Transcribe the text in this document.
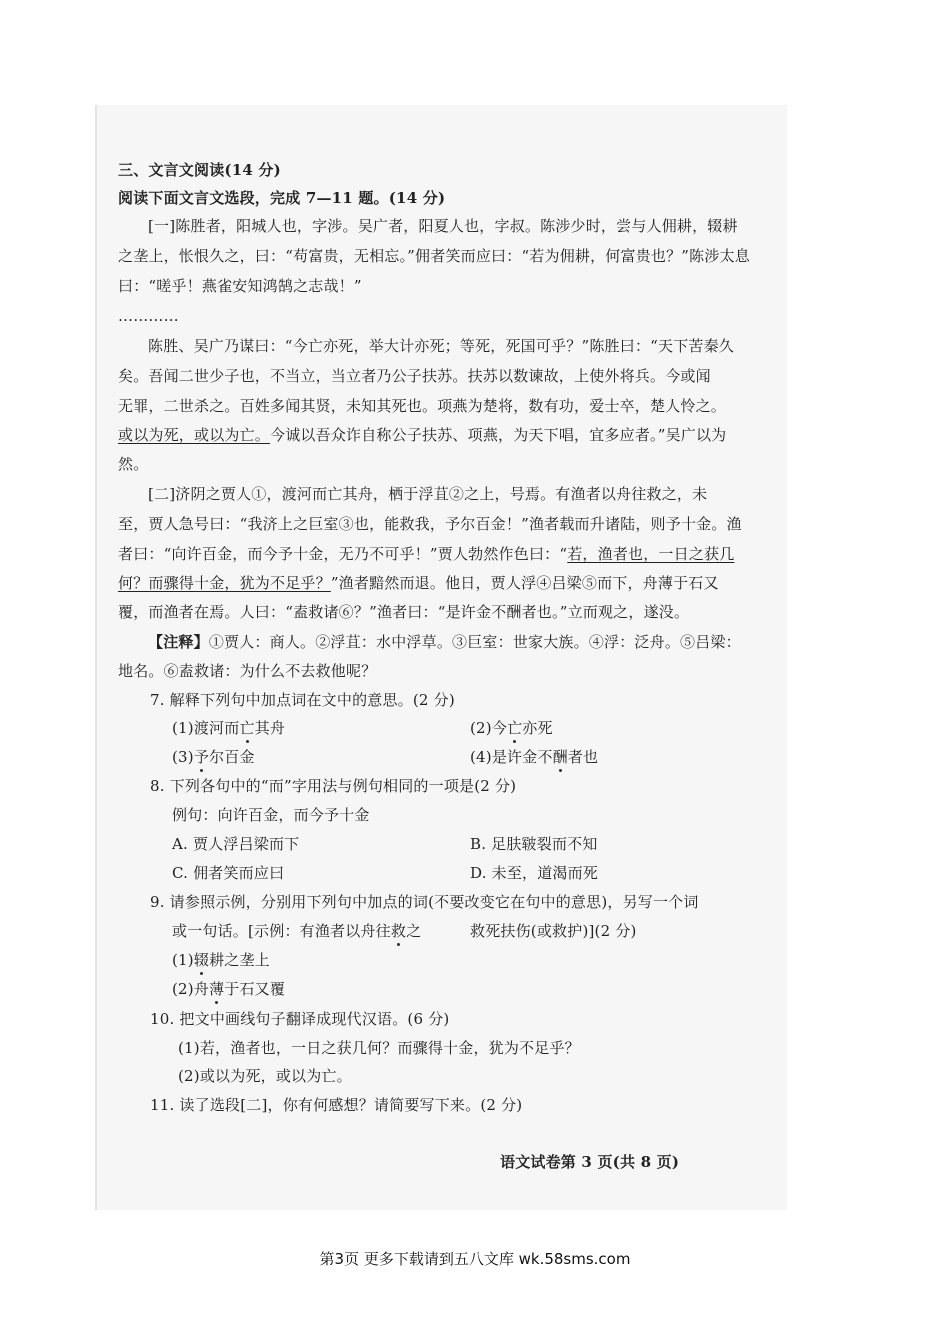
三、文言文阅读(14 分)
阅读下面文言文选段，完成 7—11 题。(14 分)
[一]陈胜者，阳城人也，字涉。吴广者，阳夏人也，字叔。陈涉少时，尝与人佣耕，辍耕
之垄上，怅恨久之，曰：“苟富贵，无相忘。”佣者笑而应曰：“若为佣耕，何富贵也？”陈涉太息
曰：“嗟乎！燕雀安知鸿鹄之志哉！”
…………
陈胜、吴广乃谋曰：“今亡亦死，举大计亦死；等死，死国可乎？”陈胜曰：“天下苦秦久
矣。吾闻二世少子也，不当立，当立者乃公子扶苏。扶苏以数谏故，上使外将兵。今或闻
无罪，二世杀之。百姓多闻其贤，未知其死也。项燕为楚将，数有功，爱士卒，楚人怜之。
或以为死，或以为亡。今诚以吾众诈自称公子扶苏、项燕，为天下唱，宜多应者。”吴广以为
然。
[二]济阴之贾人①，渡河而亡其舟，栖于浮苴②之上，号焉。有渔者以舟往救之，未
至，贾人急号曰：“我济上之巨室③也，能救我，予尔百金！”渔者载而升诸陆，则予十金。渔
者曰：“向许百金，而今予十金，无乃不可乎！”贾人勃然作色曰：“若，渔者也，一日之获几
何？而骤得十金，犹为不足乎？”渔者黯然而退。他日，贾人浮④吕梁⑤而下，舟薄于石又
覆，而渔者在焉。人曰：“盍救诸⑥？”渔者曰：“是许金不酬者也。”立而观之，遂没。
【注释】①贾人：商人。②浮苴：水中浮草。③巨室：世家大族。④浮：泛舟。⑤吕梁：
地名。⑥盍救诸：为什么不去救他呢？
7. 解释下列句中加点词在文中的意思。(2 分)
(1)渡河而亡其舟	(2)今亡亦死
(3)予尔百金	(4)是许金不酬者也
8. 下列各句中的“而”字用法与例句相同的一项是(2 分)
例句：向许百金，而今予十金
A. 贾人浮吕梁而下	B. 足肤皲裂而不知
C. 佣者笑而应曰	D. 未至，道渴而死
9. 请参照示例，分别用下列句中加点的词(不要改变它在句中的意思)，另写一个词
或一句话。[示例：有渔者以舟往救之	救死扶伤(或救护)](2 分)
(1)辍耕之垄上
(2)舟薄于石又覆
10. 把文中画线句子翻译成现代汉语。(6 分)
(1)若，渔者也，一日之获几何？而骤得十金，犹为不足乎？
(2)或以为死，或以为亡。
11. 读了选段[二]，你有何感想？请简要写下来。(2 分)
语文试卷第 3 页(共 8 页)
第3页 更多下载请到五八文库 wk.58sms.com
